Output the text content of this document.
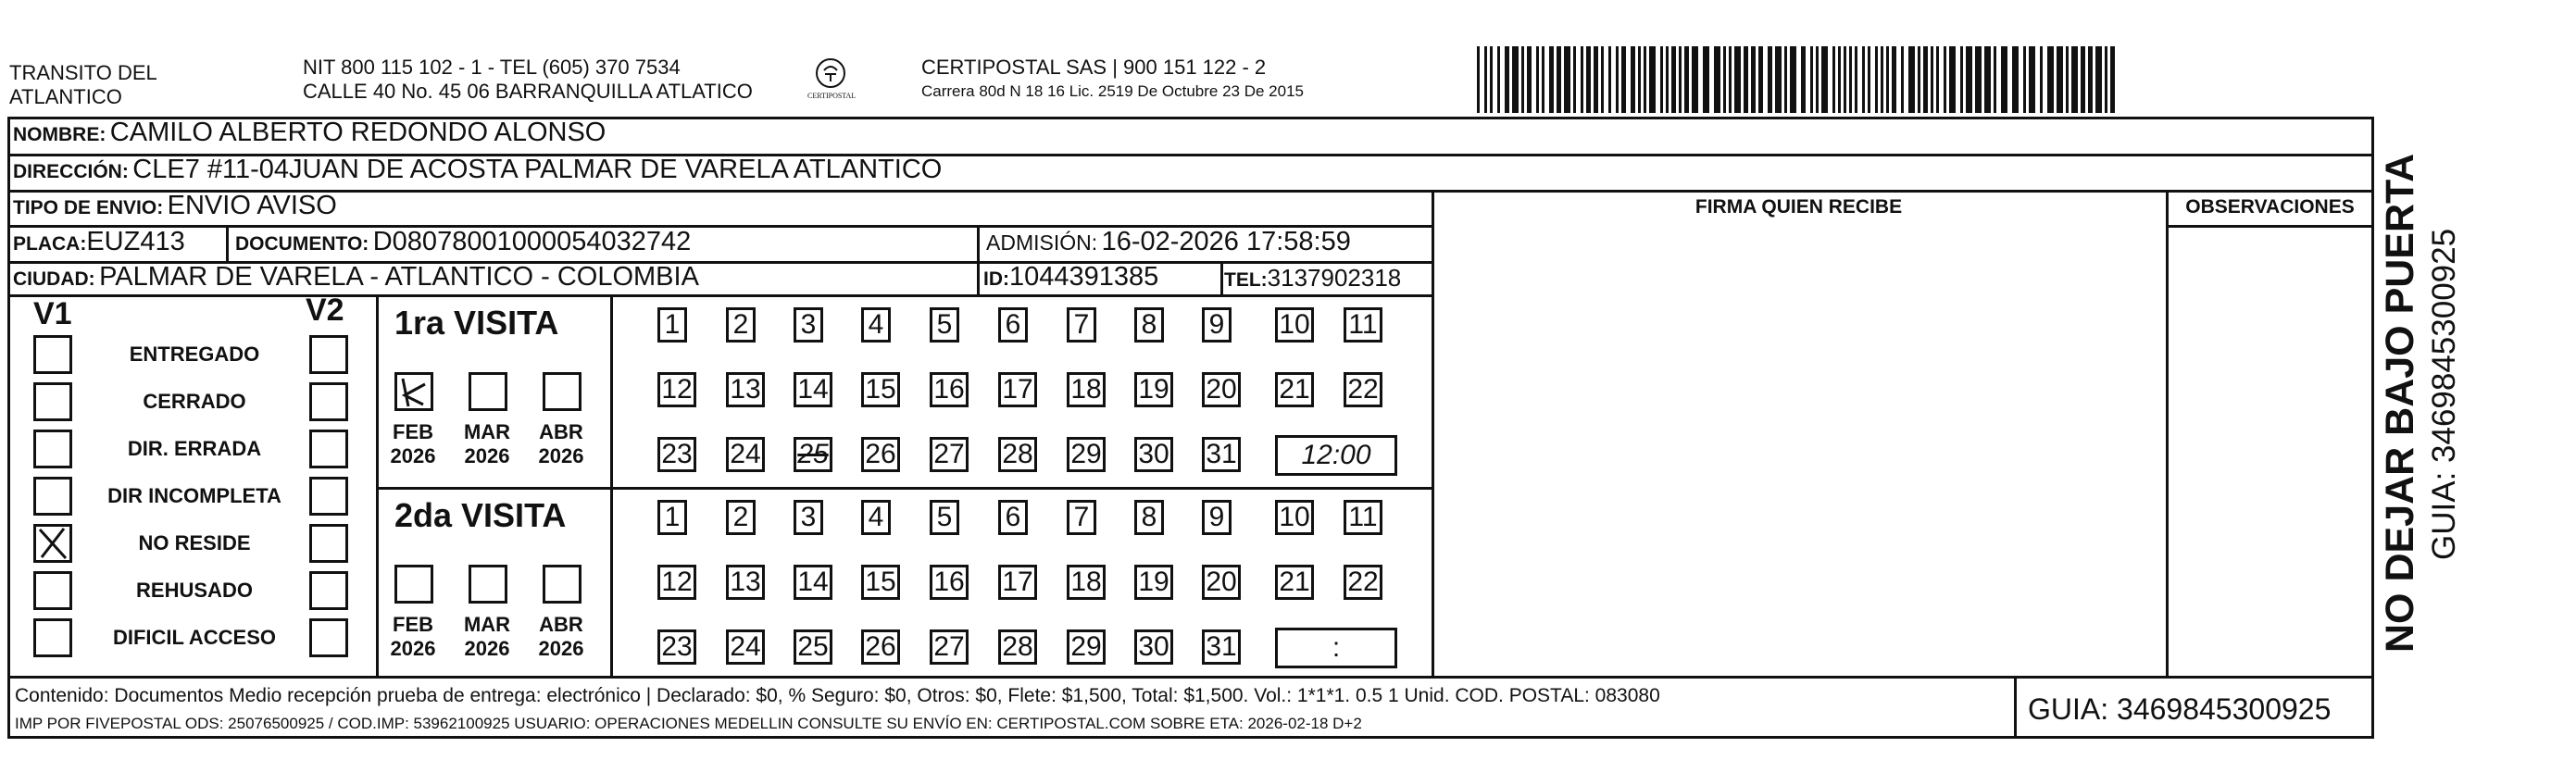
TRANSITO DEL
ATLANTICO
NIT 800 115 102 - 1 - TEL (605) 370 7534
CALLE 40 No. 45 06 BARRANQUILLA ATLATICO	CERTIPOSTAL
CERTIPOSTAL SAS | 900 151 122 - 2
Carrera 80d N 18 16 Lic. 2519 De Octubre 23 De 2015
NOMBRE: CAMILO ALBERTO REDONDO ALONSO
DIRECCIÓN: CLE7 #11-04JUAN DE ACOSTA PALMAR DE VARELA ATLANTICO
TIPO DE ENVIO: ENVIO AVISO	FIRMA QUIEN RECIBE	OBSERVACIONES
PLACA:EUZ413	DOCUMENTO: D08078001000054032742	ADMISIÓN: 16-02-2026 17:58:59
CIUDAD: PALMAR DE VARELA - ATLANTICO - COLOMBIA	ID:1044391385	TEL:3137902318
V1	V2
ENTREGADO
CERRADO
DIR. ERRADA
DIR INCOMPLETA
NO RESIDE
REHUSADO
DIFICIL ACCESO
1ra VISITA
FEB
2026
MAR
2026
ABR
2026
1 2 3 4 5 6 7 8 9 10 11
12 13 14 15 16 17 18 19 20 21 22
23 24 25 26 27 28 29 30 31	12:00
2da VISITA
FEB
2026
MAR
2026
ABR
2026
1 2 3 4 5 6 7 8 9 10 11
12 13 14 15 16 17 18 19 20 21 22
23 24 25 26 27 28 29 30 31	:
Contenido: Documentos Medio recepción prueba de entrega: electrónico | Declarado: $0, % Seguro: $0, Otros: $0, Flete: $1,500, Total: $1,500. Vol.: 1*1*1. 0.5 1 Unid. COD. POSTAL: 083080
IMP POR FIVEPOSTAL ODS: 25076500925 / COD.IMP: 53962100925 USUARIO: OPERACIONES MEDELLIN CONSULTE SU ENVÍO EN: CERTIPOSTAL.COM SOBRE ETA: 2026-02-18 D+2	GUIA: 3469845300925
NO DEJAR BAJO PUERTA GUIA: 3469845300925
